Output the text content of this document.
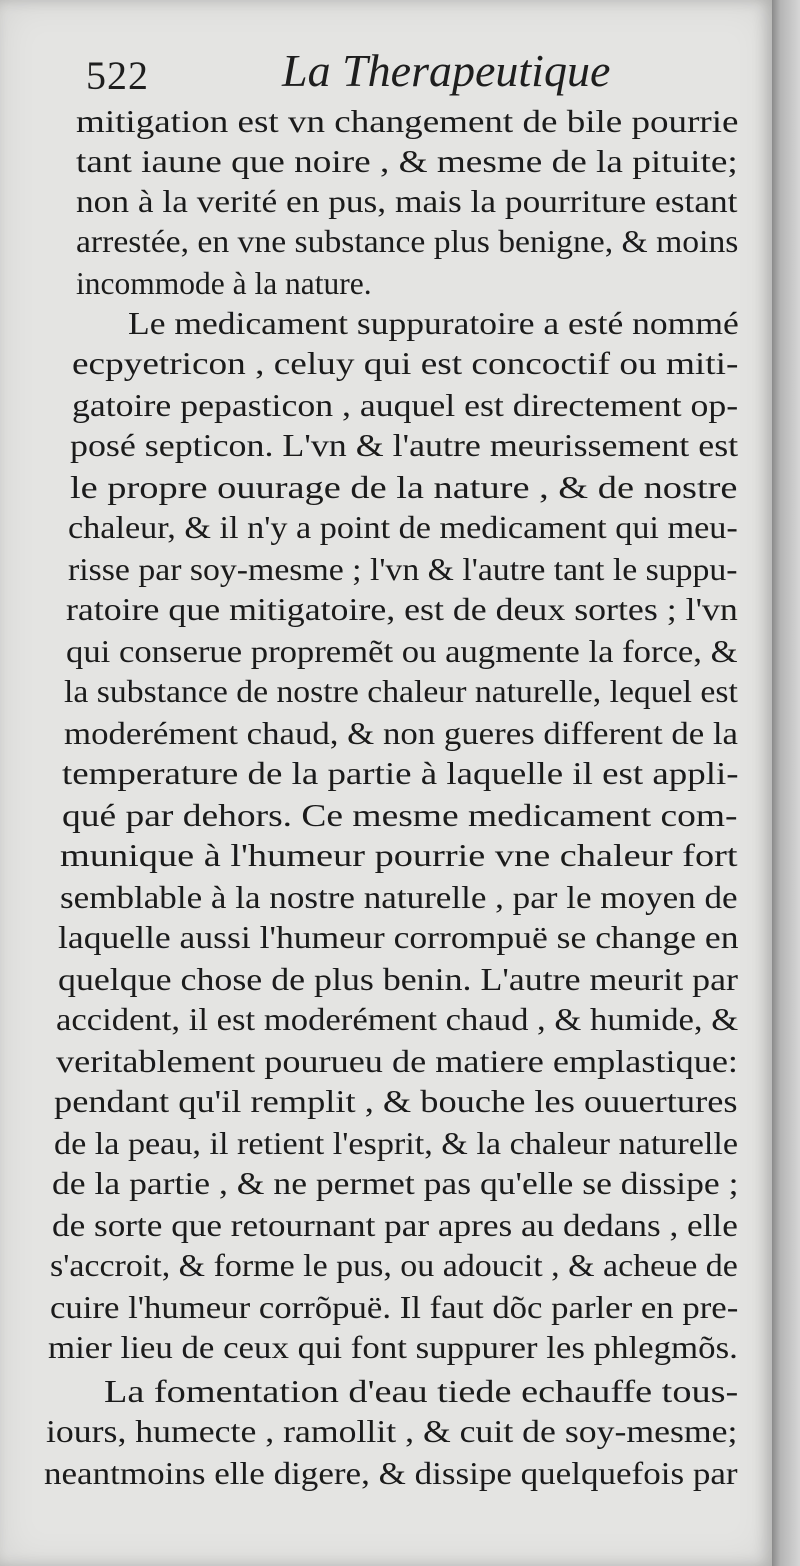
522	La Therapeutique
mitigation est vn changement de bile pourrie
tant iaune que noire , & mesme de la pituite;
non à la verité en pus, mais la pourriture estant
arrestée, en vne substance plus benigne, & moins
incommode à la nature.
Le medicament suppuratoire a esté nommé
ecpyetricon , celuy qui est concoctif ou miti-
gatoire pepasticon , auquel est directement op-
posé septicon. L'vn & l'autre meurissement est
le propre ouurage de la nature , & de nostre
chaleur, & il n'y a point de medicament qui meu-
risse par soy-mesme ; l'vn & l'autre tant le suppu-
ratoire que mitigatoire, est de deux sortes ; l'vn
qui conserue propremẽt ou augmente la force, &
la substance de nostre chaleur naturelle, lequel est
moderément chaud, & non gueres different de la
temperature de la partie à laquelle il est appli-
qué par dehors. Ce mesme medicament com-
munique à l'humeur pourrie vne chaleur fort
semblable à la nostre naturelle , par le moyen de
laquelle aussi l'humeur corrompuë se change en
quelque chose de plus benin. L'autre meurit par
accident, il est moderément chaud , & humide, &
veritablement pourueu de matiere emplastique:
pendant qu'il remplit , & bouche les ouuertures
de la peau, il retient l'esprit, & la chaleur naturelle
de la partie , & ne permet pas qu'elle se dissipe ;
de sorte que retournant par apres au dedans , elle
s'accroit, & forme le pus, ou adoucit , & acheue de
cuire l'humeur corrõpuë. Il faut dõc parler en pre-
mier lieu de ceux qui font suppurer les phlegmõs.
La fomentation d'eau tiede echauffe tous-
iours, humecte , ramollit , & cuit de soy-mesme;
neantmoins elle digere, & dissipe quelquefois par
